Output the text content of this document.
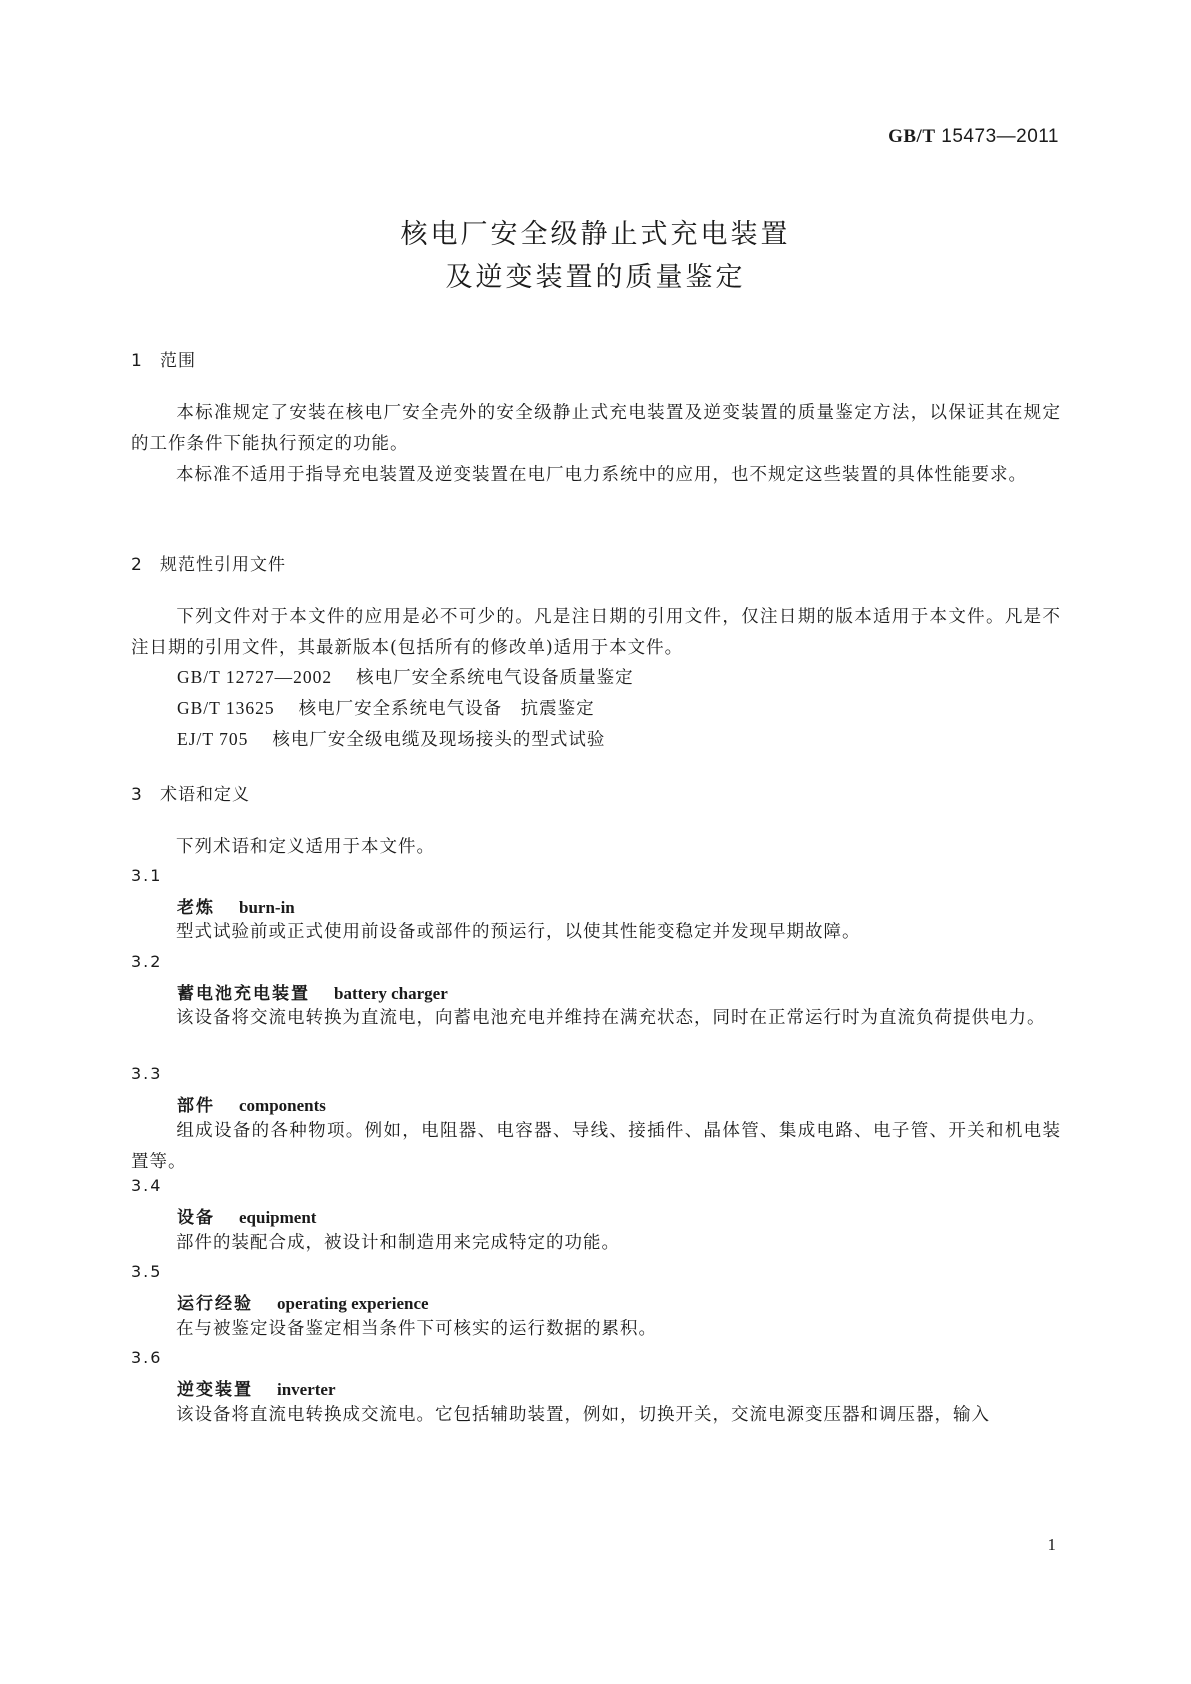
GB/T 15473—2011
核电厂安全级静止式充电装置
及逆变装置的质量鉴定
1 范围
本标准规定了安装在核电厂安全壳外的安全级静止式充电装置及逆变装置的质量鉴定方法，以保证其在规定的工作条件下能执行预定的功能。
本标准不适用于指导充电装置及逆变装置在电厂电力系统中的应用，也不规定这些装置的具体性能要求。
2 规范性引用文件
下列文件对于本文件的应用是必不可少的。凡是注日期的引用文件，仅注日期的版本适用于本文件。凡是不注日期的引用文件，其最新版本(包括所有的修改单)适用于本文件。
GB/T 12727—2002 核电厂安全系统电气设备质量鉴定
GB/T 13625 核电厂安全系统电气设备　抗震鉴定
EJ/T 705 核电厂安全级电缆及现场接头的型式试验
3 术语和定义
下列术语和定义适用于本文件。
3.1
老炼 burn-in
型式试验前或正式使用前设备或部件的预运行，以使其性能变稳定并发现早期故障。
3.2
蓄电池充电装置 battery charger
该设备将交流电转换为直流电，向蓄电池充电并维持在满充状态，同时在正常运行时为直流负荷提供电力。
3.3
部件 components
组成设备的各种物项。例如，电阻器、电容器、导线、接插件、晶体管、集成电路、电子管、开关和机电装置等。
3.4
设备 equipment
部件的装配合成，被设计和制造用来完成特定的功能。
3.5
运行经验 operating experience
在与被鉴定设备鉴定相当条件下可核实的运行数据的累积。
3.6
逆变装置 inverter
该设备将直流电转换成交流电。它包括辅助装置，例如，切换开关，交流电源变压器和调压器，输入
1
